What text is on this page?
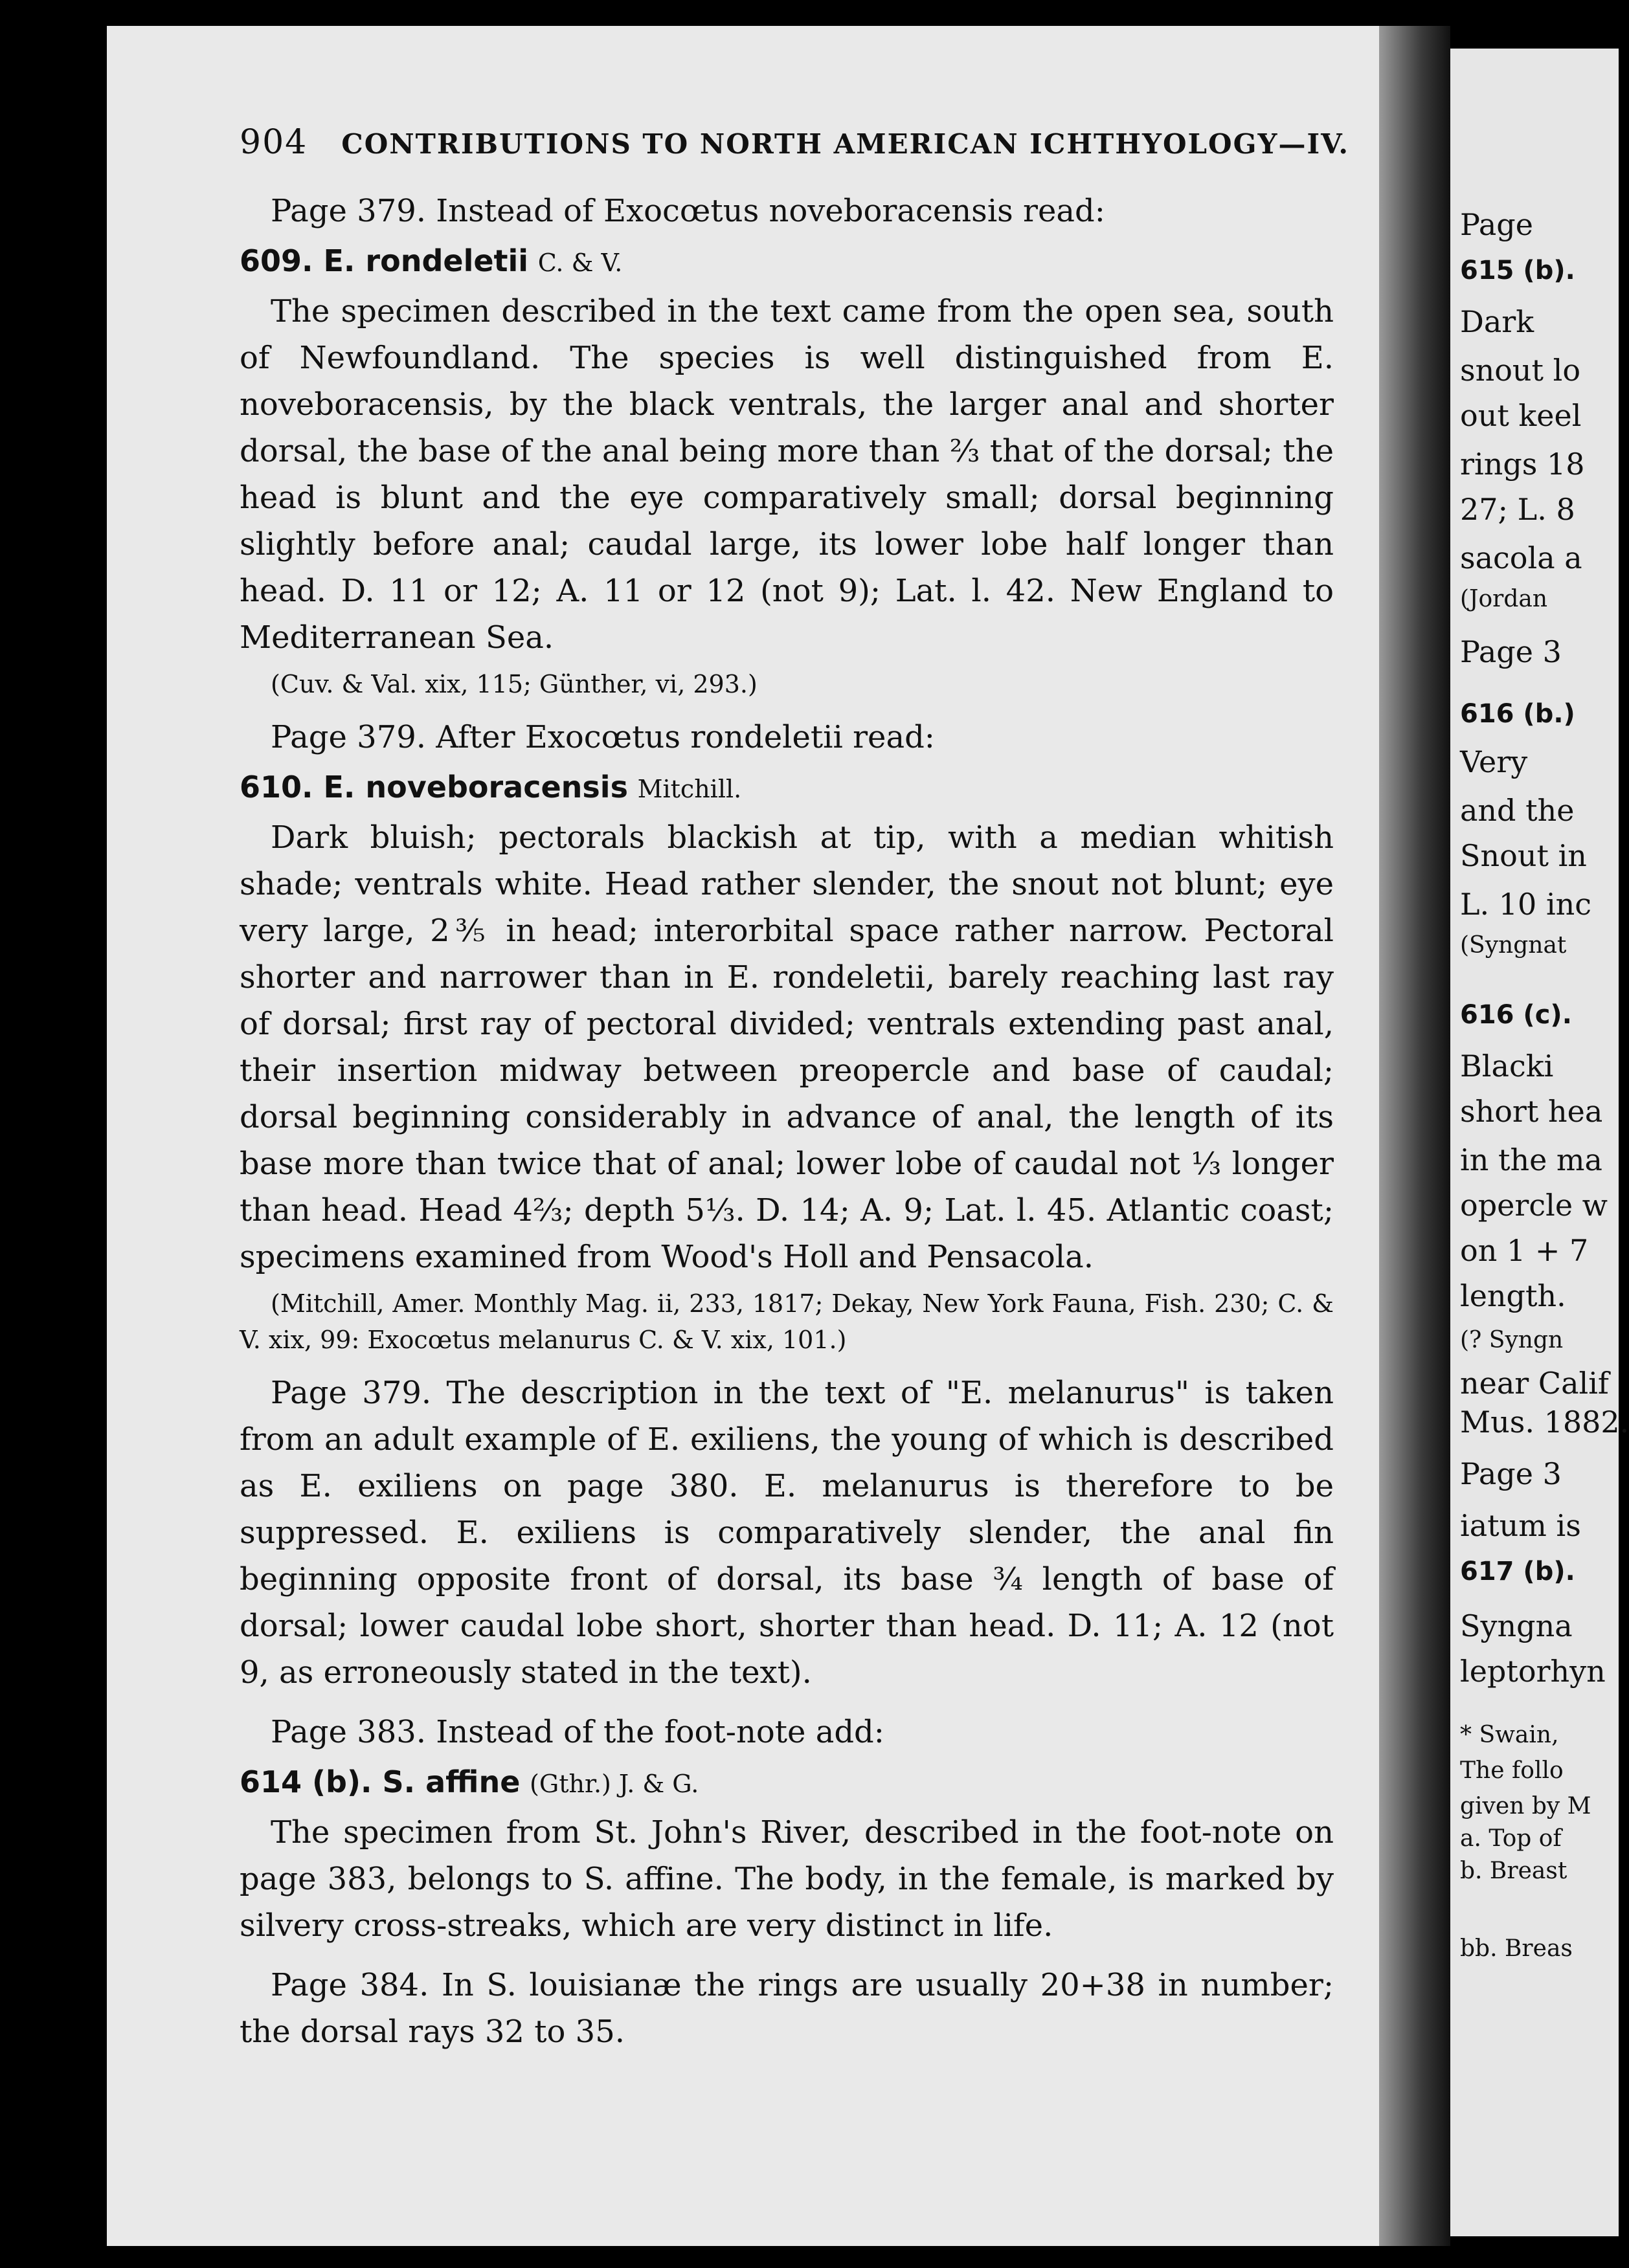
904 CONTRIBUTIONS TO NORTH AMERICAN ICHTHYOLOGY—IV.

Page 379. Instead of Exocœtus noveboracensis read:

609. E. rondeletii C. & V.

The specimen described in the text came from the open sea, south of Newfoundland. The species is well distinguished from E. noveboracensis, by the black ventrals, the larger anal and shorter dorsal, the base of the anal being more than ⅔ that of the dorsal; the head is blunt and the eye comparatively small; dorsal beginning slightly before anal; caudal large, its lower lobe half longer than head. D. 11 or 12; A. 11 or 12 (not 9); Lat. l. 42. New England to Mediterranean Sea.

(Cuv. & Val. xix, 115; Günther, vi, 293.)

Page 379. After Exocœtus rondeletii read:

610. E. noveboracensis Mitchill.

Dark bluish; pectorals blackish at tip, with a median whitish shade; ventrals white. Head rather slender, the snout not blunt; eye very large, 2⅗ in head; interorbital space rather narrow. Pectoral shorter and narrower than in E. rondeletii, barely reaching last ray of dorsal; first ray of pectoral divided; ventrals extending past anal, their insertion midway between preopercle and base of caudal; dorsal beginning considerably in advance of anal, the length of its base more than twice that of anal; lower lobe of caudal not ⅓ longer than head. Head 4⅔; depth 5⅓. D. 14; A. 9; Lat. l. 45. Atlantic coast; specimens examined from Wood's Holl and Pensacola.

(Mitchill, Amer. Monthly Mag. ii, 233, 1817; Dekay, New York Fauna, Fish. 230; C. & V. xix, 99: Exocœtus melanurus C. & V. xix, 101.)

Page 379. The description in the text of "E. melanurus" is taken from an adult example of E. exiliens, the young of which is described as E. exiliens on page 380. E. melanurus is therefore to be suppressed. E. exiliens is comparatively slender, the anal fin beginning opposite front of dorsal, its base ¾ length of base of dorsal; lower caudal lobe short, shorter than head. D. 11; A. 12 (not 9, as erroneously stated in the text).

Page 383. Instead of the foot-note add:

614 (b). S. affine (Gthr.) J. & G.

The specimen from St. John's River, described in the foot-note on page 383, belongs to S. affine. The body, in the female, is marked by silvery cross-streaks, which are very distinct in life.

Page 384. In S. louisianæ the rings are usually 20+38 in number; the dorsal rays 32 to 35.

Page
615 (b).
Dark
snout lo
out keel
rings 18
27; L. 8
sacola a
(Jordan
Page 3
616 (b.)
Very
and the
Snout in
L. 10 inc
(Syngnat
616 (c).
Blacki
short hea
in the ma
opercle w
on 1 + 7
length.
(? Syngn
near Calif
Mus. 1882.
Page 3
iatum is
617 (b).
Syngna
leptorhyn
* Swain,
The follo
given by M
a. Top of
b. Breast
bb. Breas
